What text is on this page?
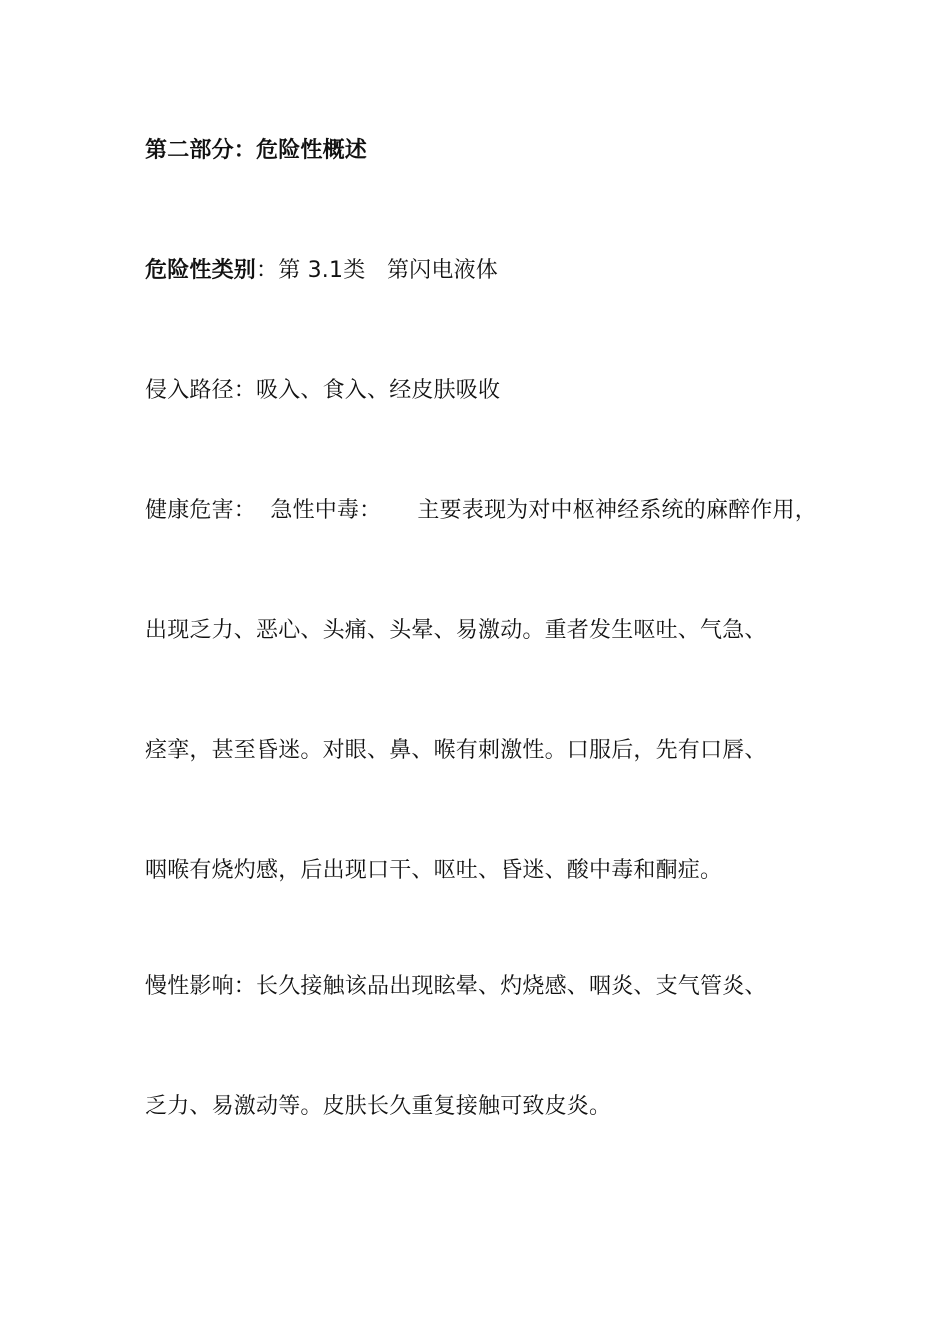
第二部分：危险性概述
危险性类别：第 3.1类   第闪电液体
侵入路径：吸入、食入、经皮肤吸收
健康危害：  急性中毒：     主要表现为对中枢神经系统的麻醉作用，
出现乏力、恶心、头痛、头晕、易激动。重者发生呕吐、气急、
痉挛，甚至昏迷。对眼、鼻、喉有刺激性。口服后，先有口唇、
咽喉有烧灼感，后出现口干、呕吐、昏迷、酸中毒和酮症。
慢性影响：长久接触该品出现眩晕、灼烧感、咽炎、支气管炎、
乏力、易激动等。皮肤长久重复接触可致皮炎。
